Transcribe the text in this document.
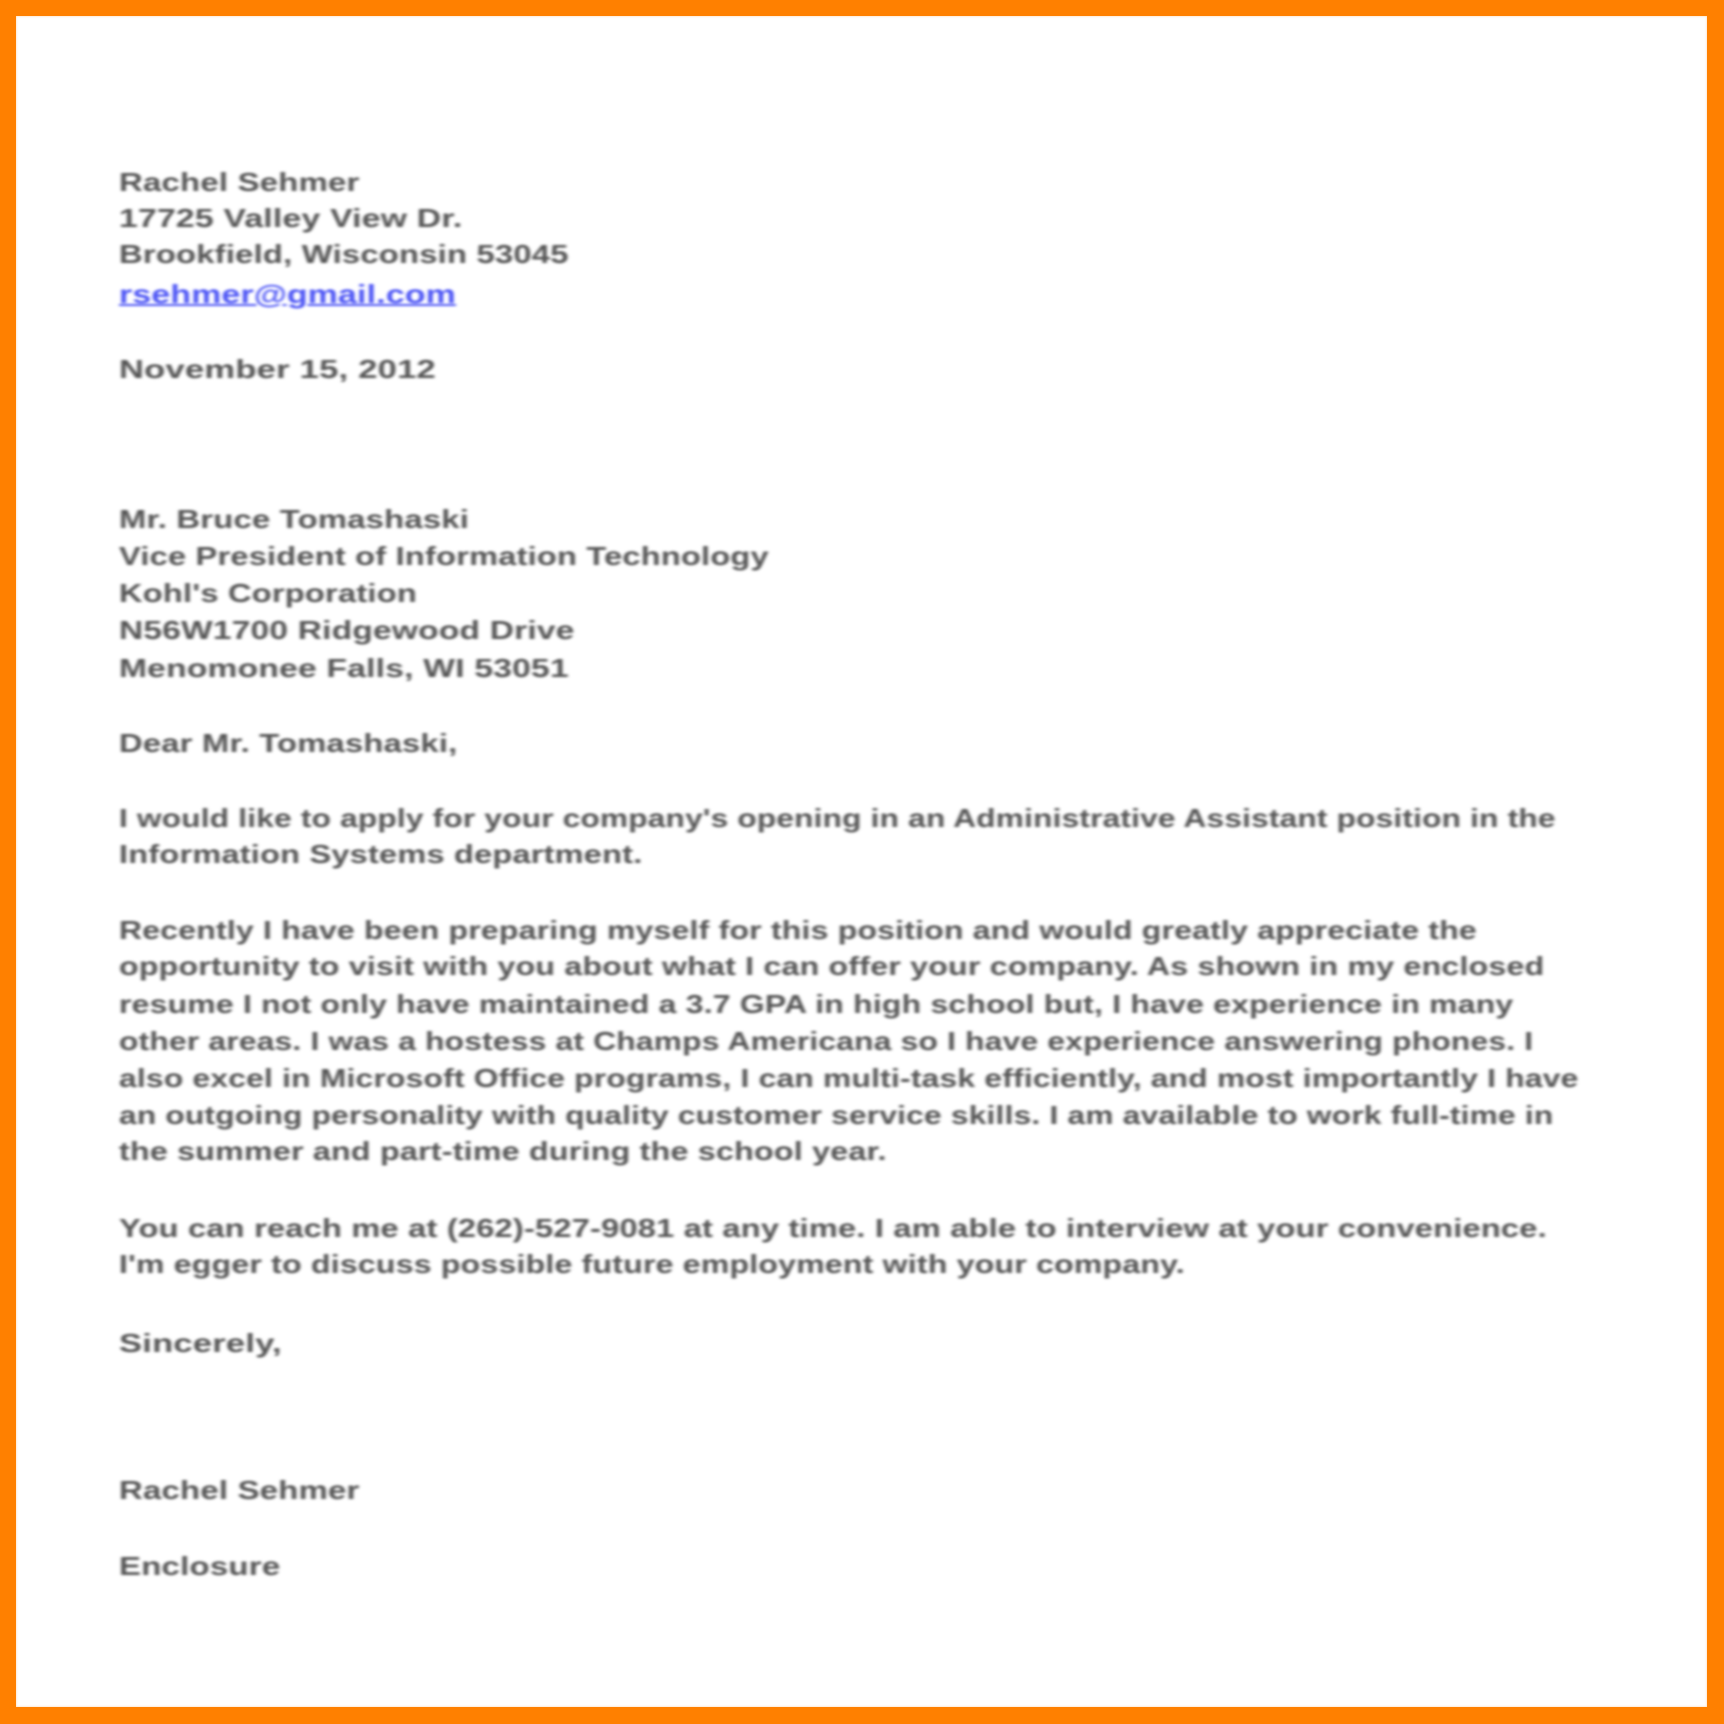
Rachel Sehmer
17725 Valley View Dr.
Brookfield, Wisconsin 53045
rsehmer@gmail.com
November 15, 2012
Mr. Bruce Tomashaski
Vice President of Information Technology
Kohl's Corporation
N56W1700 Ridgewood Drive
Menomonee Falls, WI 53051
Dear Mr. Tomashaski,
I would like to apply for your company's opening in an Administrative Assistant position in the
Information Systems department.
Recently I have been preparing myself for this position and would greatly appreciate the
opportunity to visit with you about what I can offer your company. As shown in my enclosed
resume I not only have maintained a 3.7 GPA in high school but, I have experience in many
other areas. I was a hostess at Champs Americana so I have experience answering phones. I
also excel in Microsoft Office programs, I can multi-task efficiently, and most importantly I have
an outgoing personality with quality customer service skills. I am available to work full-time in
the summer and part-time during the school year.
You can reach me at (262)-527-9081 at any time. I am able to interview at your convenience.
I'm egger to discuss possible future employment with your company.
Sincerely,
Rachel Sehmer
Enclosure
